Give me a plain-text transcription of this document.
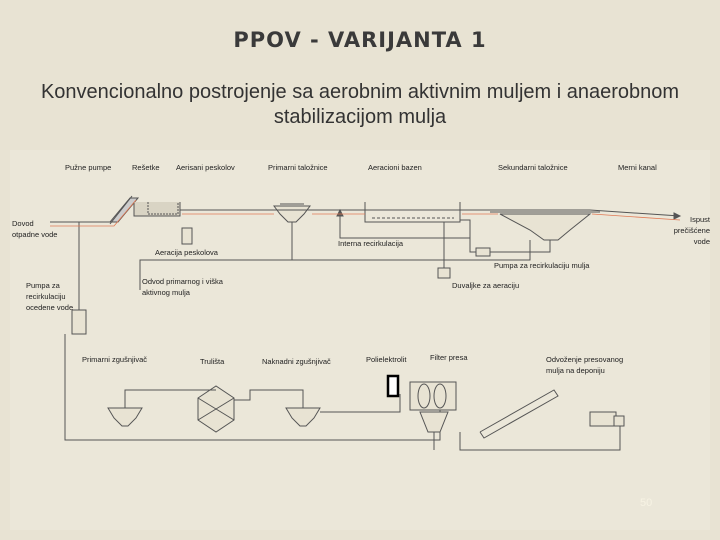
PPOV - VARIJANTA 1
Konvencionalno postrojenje sa aerobnim aktivnim muljem i anaerobnom stabilizacijom mulja
Pužne pumpe	Rešetke Aerisani peskolov	Primarni taložnice	Aeracioni bazen	Sekundarni taložnice	Merni kanal
Dovod otpadne vode
Ispust prečišćene vode
Aeracija peskolova
Interna recirkulacija
Pumpa za recirkulaciju mulja
Duvaljke za aeraciju
Pumpa za recirkulaciju ocedene vode
Odvod primarnog i viška aktivnog mulja
Primarni zgušnjivač	Trulišta	Naknadni zgušnjivač	Polielektrolit	Filter presa	Odvoženje presovanog mulja na deponiju
50
